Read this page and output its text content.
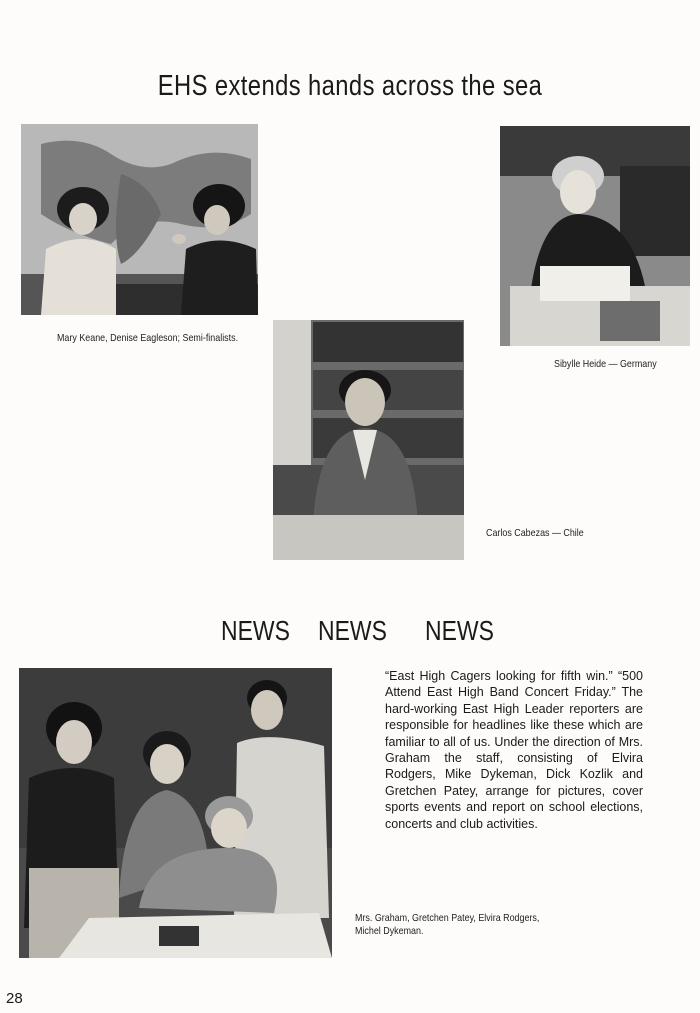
EHS extends hands across the sea
Mary Keane, Denise Eagleson; Semi-finalists.
Sibylle Heide — Germany
Carlos Cabezas — Chile
NEWS NEWS NEWS
“East High Cagers looking for fifth win.” “500 Attend East High Band Concert Friday.” The hard-working East High Leader reporters are responsible for headlines like these which are familiar to all of us. Under the direction of Mrs. Graham the staff, consisting of Elvira Rodgers, Mike Dykeman, Dick Kozlik and Gretchen Patey, arrange for pictures, cover sports events and report on school elections, concerts and club activities.
Mrs. Graham, Gretchen Patey, Elvira Rodgers,
Michel Dykeman.
28
